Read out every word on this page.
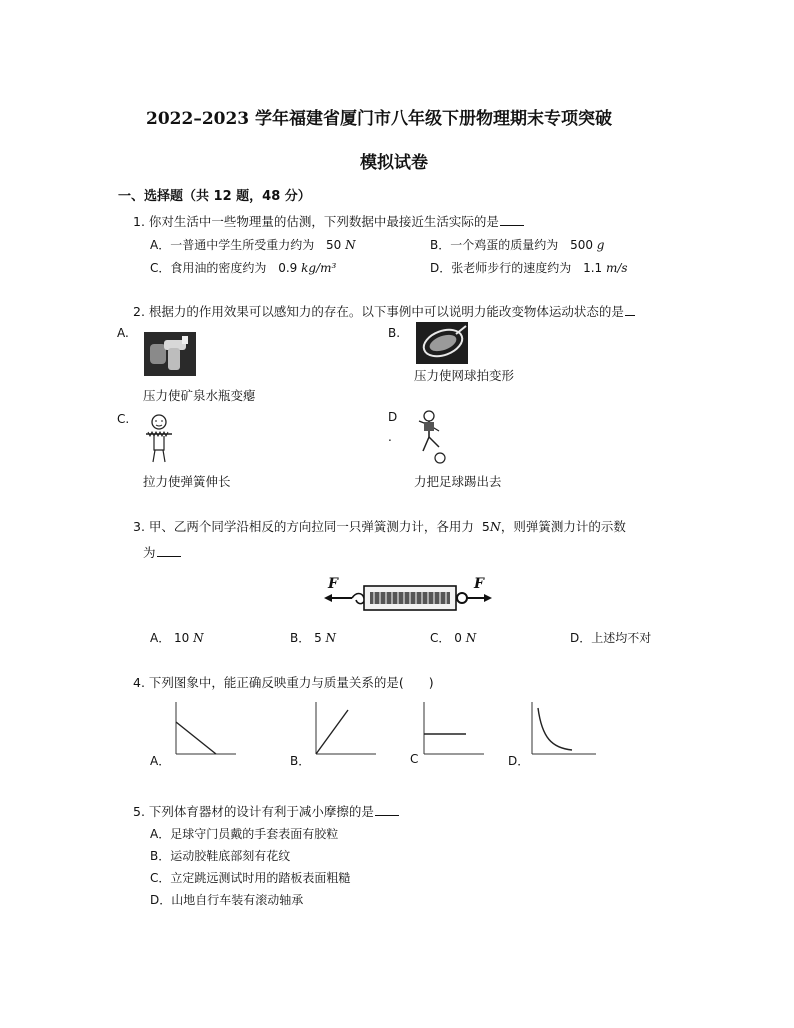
2022–2023 学年福建省厦门市八年级下册物理期末专项突破
模拟试卷
一、选择题（共 12 题，48 分）
1. 你对生活中一些物理量的估测，下列数据中最接近生活实际的是
A．一普通中学生所受重力约为 50 N	B．一个鸡蛋的质量约为 500 g
C．食用油的密度约为 0.9 kg/m³	D．张老师步行的速度约为 1.1 m/s
2. 根据力的作用效果可以感知力的存在。以下事例中可以说明力能改变物体运动状态的是
A.
压力使矿泉水瓶变瘪
B.
压力使网球拍变形
C.
拉力使弹簧伸长
D
.
力把足球踢出去
3. 甲、乙两个同学沿相反的方向拉同一只弹簧测力计，各用力 5N，则弹簧测力计的示数
为
F	F
A． 10 N	B． 5 N	C． 0 N	D．上述均不对
4. 下列图象中，能正确反映重力与质量关系的是(　　)
A．	B．	C	D．
5. 下列体育器材的设计有利于减小摩擦的是
A．足球守门员戴的手套表面有胶粒
B．运动胶鞋底部刻有花纹
C．立定跳远测试时用的踏板表面粗糙
D．山地自行车装有滚动轴承
